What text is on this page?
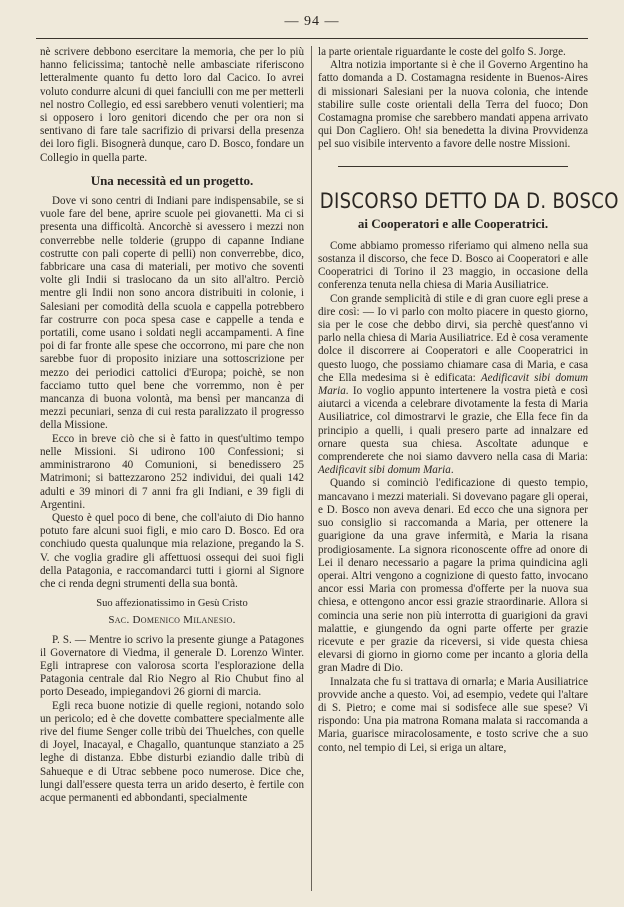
— 94 —

nè scrivere debbono esercitare la memoria, che per lo più hanno felicissima; tantochè nelle ambasciate riferiscono letteralmente quanto fu detto loro dal Cacico. Io avrei voluto condurre alcuni di quei fanciulli con me per metterli nel nostro Collegio, ed essi sarebbero venuti volentieri; ma si opposero i loro genitori dicendo che per ora non si sentivano di fare tale sacrifizio di privarsi della presenza dei loro figli. Bisognerà dunque, caro D. Bosco, fondare un Collegio in quella parte.

Una necessità ed un progetto.

Dove vi sono centri di Indiani pare indispensabile, se si vuole fare del bene, aprire scuole pei giovanetti. Ma ci si presenta una difficoltà. Ancorchè si avessero i mezzi non converrebbe nelle tolderie (gruppo di capanne Indiane costrutte con pali coperte di pelli) non converrebbe, dico, fabbricare una casa di materiali, per motivo che soventi volte gli Indii si traslocano da un sito all'altro. Perciò mentre gli Indii non sono ancora distribuiti in colonie, i Salesiani per comodità della scuola e cappella potrebbero far costrurre con poca spesa case e cappelle a tenda e portatili, come usano i soldati negli accampamenti. A fine poi di far fronte alle spese che occorrono, mi pare che non sarebbe fuor di proposito iniziare una sottoscrizione per mezzo dei periodici cattolici d'Europa; poichè, se non facciamo tutto quel bene che vorremmo, non è per mancanza di buona volontà, ma bensì per mancanza di mezzi pecuniari, senza di cui resta paralizzato il progresso della Missione.

Ecco in breve ciò che si è fatto in quest'ultimo tempo nelle Missioni. Si udirono 100 Confessioni; si amministrarono 40 Comunioni, si benedissero 25 Matrimoni; si battezzarono 252 individui, dei quali 142 adulti e 39 minori di 7 anni fra gli Indiani, e 39 figli di Argentini.

Questo è quel poco di bene, che coll'aiuto di Dio hanno potuto fare alcuni suoi figli, e mio caro D. Bosco. Ed ora conchiudo questa qualunque mia relazione, pregando la S. V. che voglia gradire gli affettuosi ossequi dei suoi figli della Patagonia, e raccomandarci tutti i giorni al Signore che ci renda degni strumenti della sua bontà.

Suo affezionatissimo in Gesù Cristo
Sac. Domenico Milanesio.

P. S. — Mentre io scrivo la presente giunge a Patagones il Governatore di Viedma, il generale D. Lorenzo Winter. Egli intraprese con valorosa scorta l'esplorazione della Patagonia centrale dal Rio Negro al Rio Chubut fino al porto Deseado, impiegandovi 26 giorni di marcia.

Egli reca buone notizie di quelle regioni, notando solo un pericolo; ed è che dovette combattere specialmente alle rive del fiume Senger colle tribù dei Thuelches, con quelle di Joyel, Inacayal, e Chagallo, quantunque stanziato a 25 leghe di distanza. Ebbe disturbi eziandio dalle tribù di Sahueque e di Utrac sebbene poco numerose. Dice che, lungi dall'essere questa terra un arido deserto, è fertile con acque permanenti ed abbondanti, specialmente

la parte orientale riguardante le coste del golfo S. Jorge.

Altra notizia importante si è che il Governo Argentino ha fatto domanda a D. Costamagna residente in Buenos-Aires di missionari Salesiani per la nuova colonia, che intende stabilire sulle coste orientali della Terra del fuoco; Don Costamagna promise che sarebbero mandati appena arrivato qui Don Cagliero. Oh! sia benedetta la divina Provvidenza pel suo visibile intervento a favore delle nostre Missioni.

DISCORSO DETTO DA D. BOSCO
ai Cooperatori e alle Cooperatrici.

Come abbiamo promesso riferiamo qui almeno nella sua sostanza il discorso, che fece D. Bosco ai Cooperatori e alle Cooperatrici di Torino il 23 maggio, in occasione della conferenza tenuta nella chiesa di Maria Ausiliatrice.

Con grande semplicità di stile e di gran cuore egli prese a dire così: — Io vi parlo con molto piacere in questo giorno, sia per le cose che debbo dirvi, sia perchè quest'anno vi parlo nella chiesa di Maria Ausiliatrice. Ed è cosa veramente dolce il discorrere ai Cooperatori e alle Cooperatrici in questo luogo, che possiamo chiamare casa di Maria, e casa che Ella medesima si è edificata: Aedificavit sibi domum Maria. Io voglio appunto intertenere la vostra pietà e così aiutarci a vicenda a celebrare divotamente la festa di Maria Ausiliatrice, col dimostrarvi le grazie, che Ella fece fin da principio a quelli, i quali presero parte ad innalzare ed ornare questa sua chiesa. Ascoltate adunque e comprenderete che noi siamo davvero nella casa di Maria: Aedificavit sibi domum Maria.

Quando si cominciò l'edificazione di questo tempio, mancavano i mezzi materiali. Si dovevano pagare gli operai, e D. Bosco non aveva denari. Ed ecco che una signora per suo consiglio si raccomanda a Maria, per ottenere la guarigione da una grave infermità, e Maria la risana prodigiosamente. La signora riconoscente offre ad onore di Lei il denaro necessario a pagare la prima quindicina agli operai. Altri vengono a cognizione di questo fatto, invocano ancor essi Maria con promessa d'offerte per la nuova sua chiesa, e ottengono ancor essi grazie straordinarie. Allora si comincia una serie non più interrotta di guarigioni da gravi malattie, e giungendo da ogni parte offerte per grazie ricevute e per grazie da riceversi, si vide questa chiesa elevarsi di giorno in giorno come per incanto a gloria della gran Madre di Dio.

Innalzata che fu si trattava di ornarla; e Maria Ausiliatrice provvide anche a questo. Voi, ad esempio, vedete qui l'altare di S. Pietro; e come mai si sodisfece alle sue spese? Vi rispondo: Una pia matrona Romana malata si raccomanda a Maria, guarisce miracolosamente, e tosto scrive che a suo conto, nel tempio di Lei, si eriga un altare,
